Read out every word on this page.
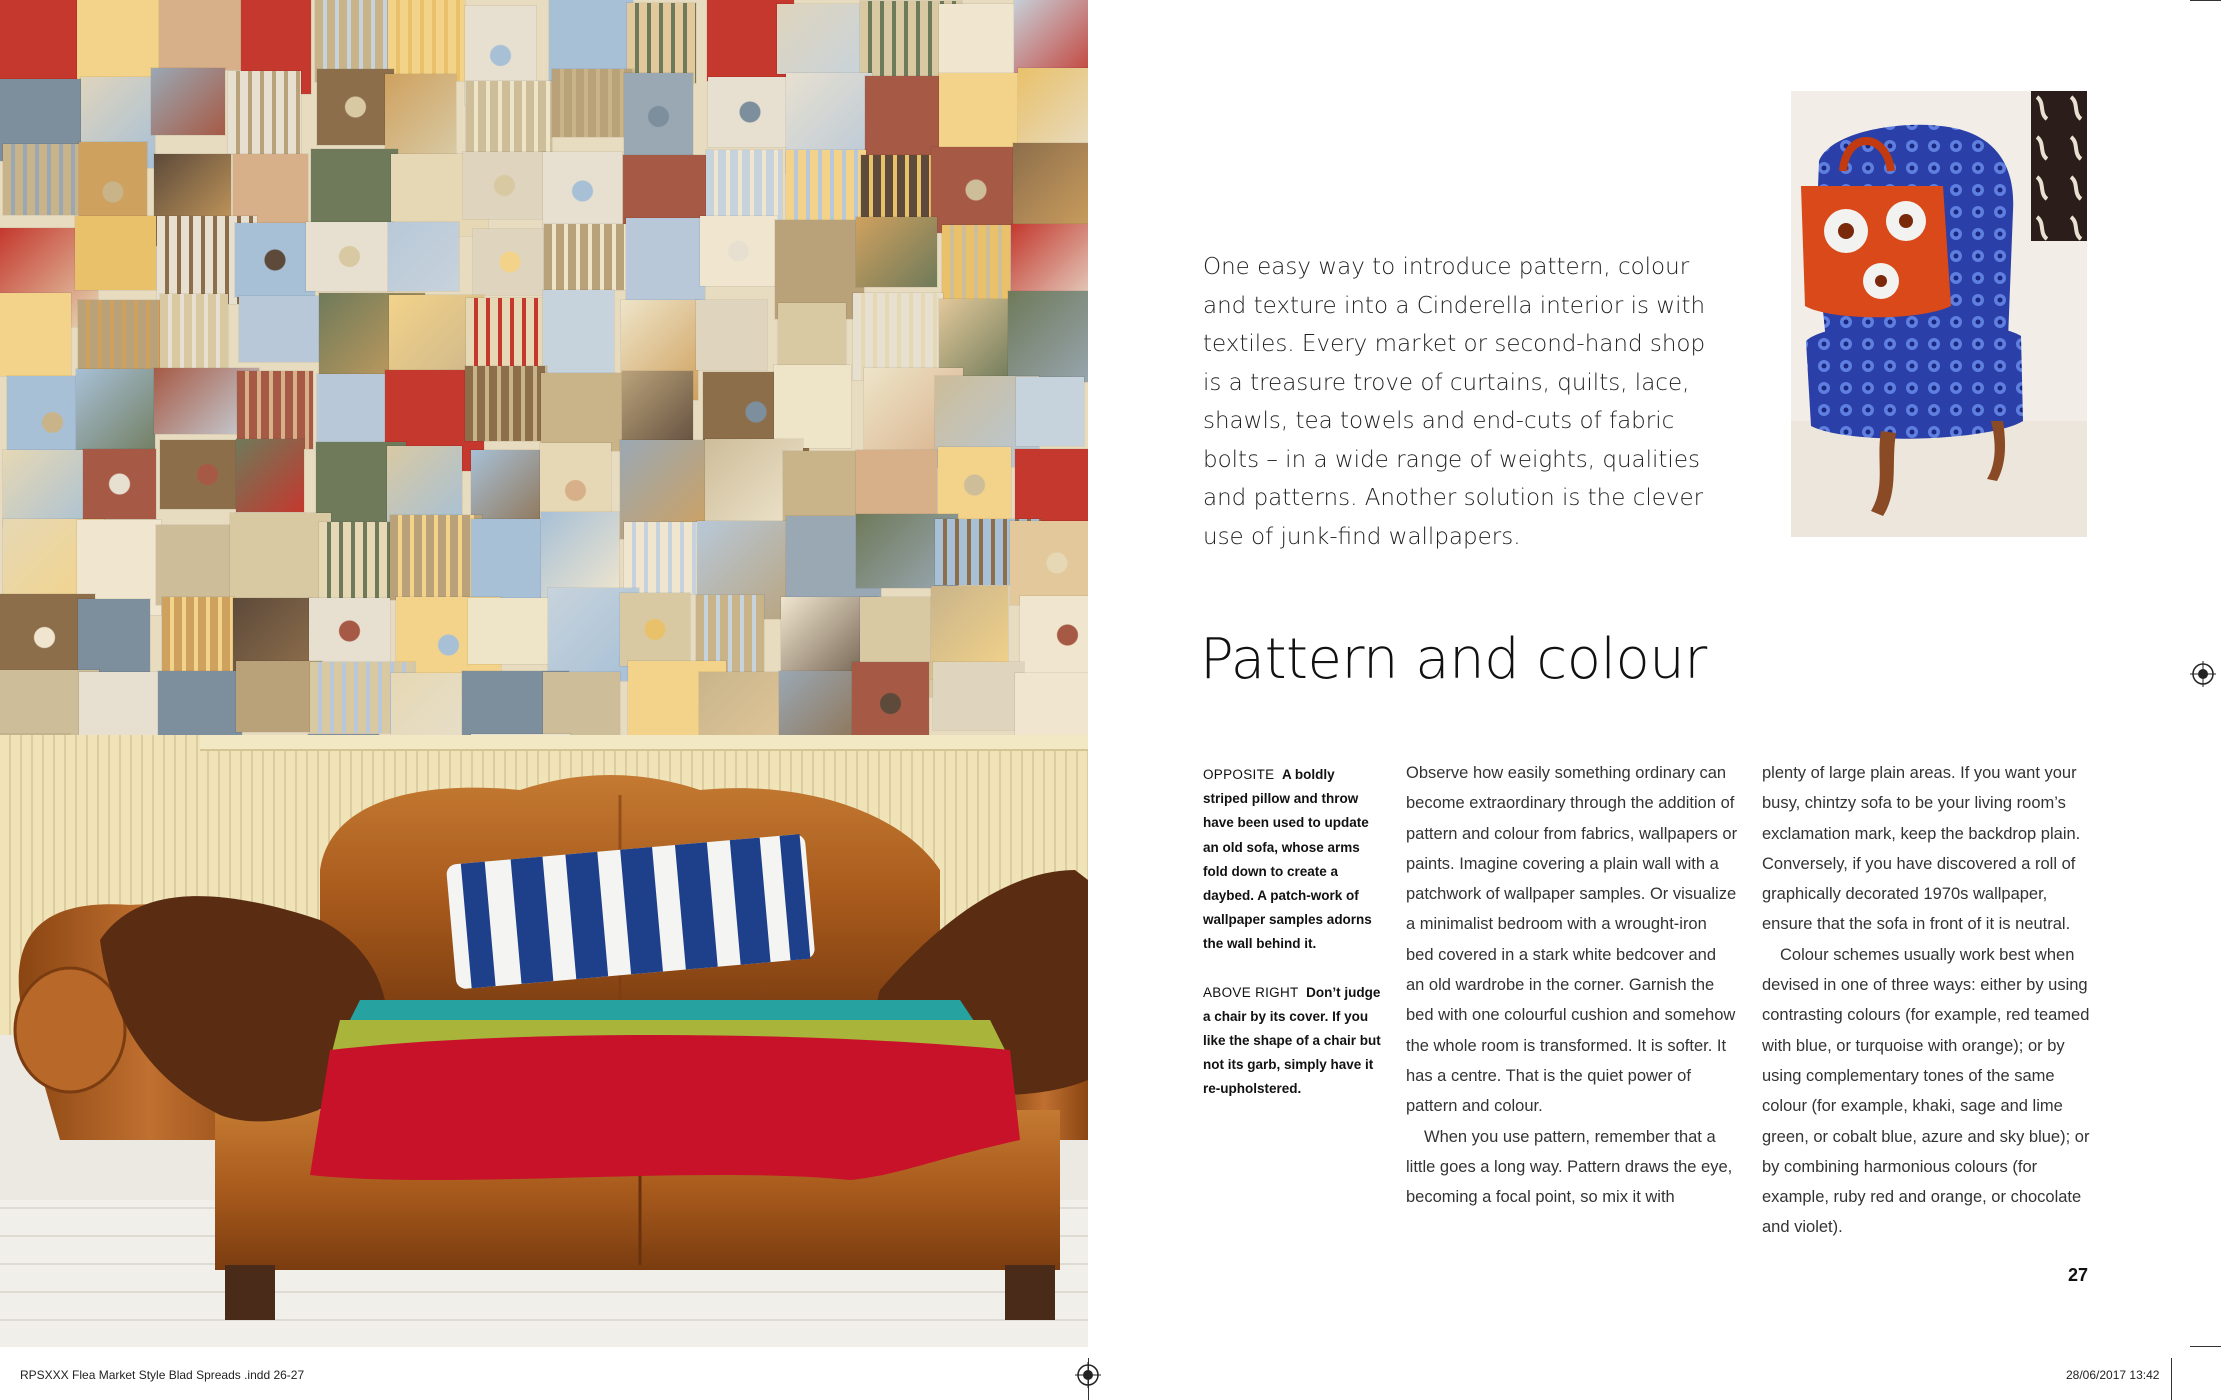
One easy way to introduce pattern, colour
and texture into a Cinderella interior is with
textiles. Every market or second-hand shop
is a treasure trove of curtains, quilts, lace,
shawls, tea towels and end-cuts of fabric
bolts – in a wide range of weights, qualities
and patterns. Another solution is the clever
use of junk-find wallpapers.
Pattern and colour
OPPOSITE A boldly striped pillow and throw have been used to update an old sofa, whose arms fold down to create a daybed. A patch-work of wallpaper samples adorns the wall behind it.
ABOVE RIGHT Don’t judge a chair by its cover. If you like the shape of a chair but not its garb, simply have it re-upholstered.

Observe how easily something ordinary can become extraordinary through the addition of pattern and colour from fabrics, wallpapers or paints. Imagine covering a plain wall with a patchwork of wallpaper samples. Or visualize a minimalist bedroom with a wrought-iron bed covered in a stark white bedcover and an old wardrobe in the corner. Garnish the bed with one colourful cushion and somehow the whole room is transformed. It is softer. It has a centre. That is the quiet power of pattern and colour.

When you use pattern, remember that a little goes a long way. Pattern draws the eye, becoming a focal point, so mix it with

plenty of large plain areas. If you want your busy, chintzy sofa to be your living room’s exclamation mark, keep the backdrop plain. Conversely, if you have discovered a roll of graphically decorated 1970s wallpaper, ensure that the sofa in front of it is neutral.

Colour schemes usually work best when devised in one of three ways: either by using contrasting colours (for example, red teamed with blue, or turquoise with orange); or by using complementary tones of the same colour (for example, khaki, sage and lime green, or cobalt blue, azure and sky blue); or by combining harmonious colours (for example, ruby red and orange, or chocolate and violet).

27
RPSXXX Flea Market Style Blad Spreads .indd 26-27	28/06/2017 13:42
